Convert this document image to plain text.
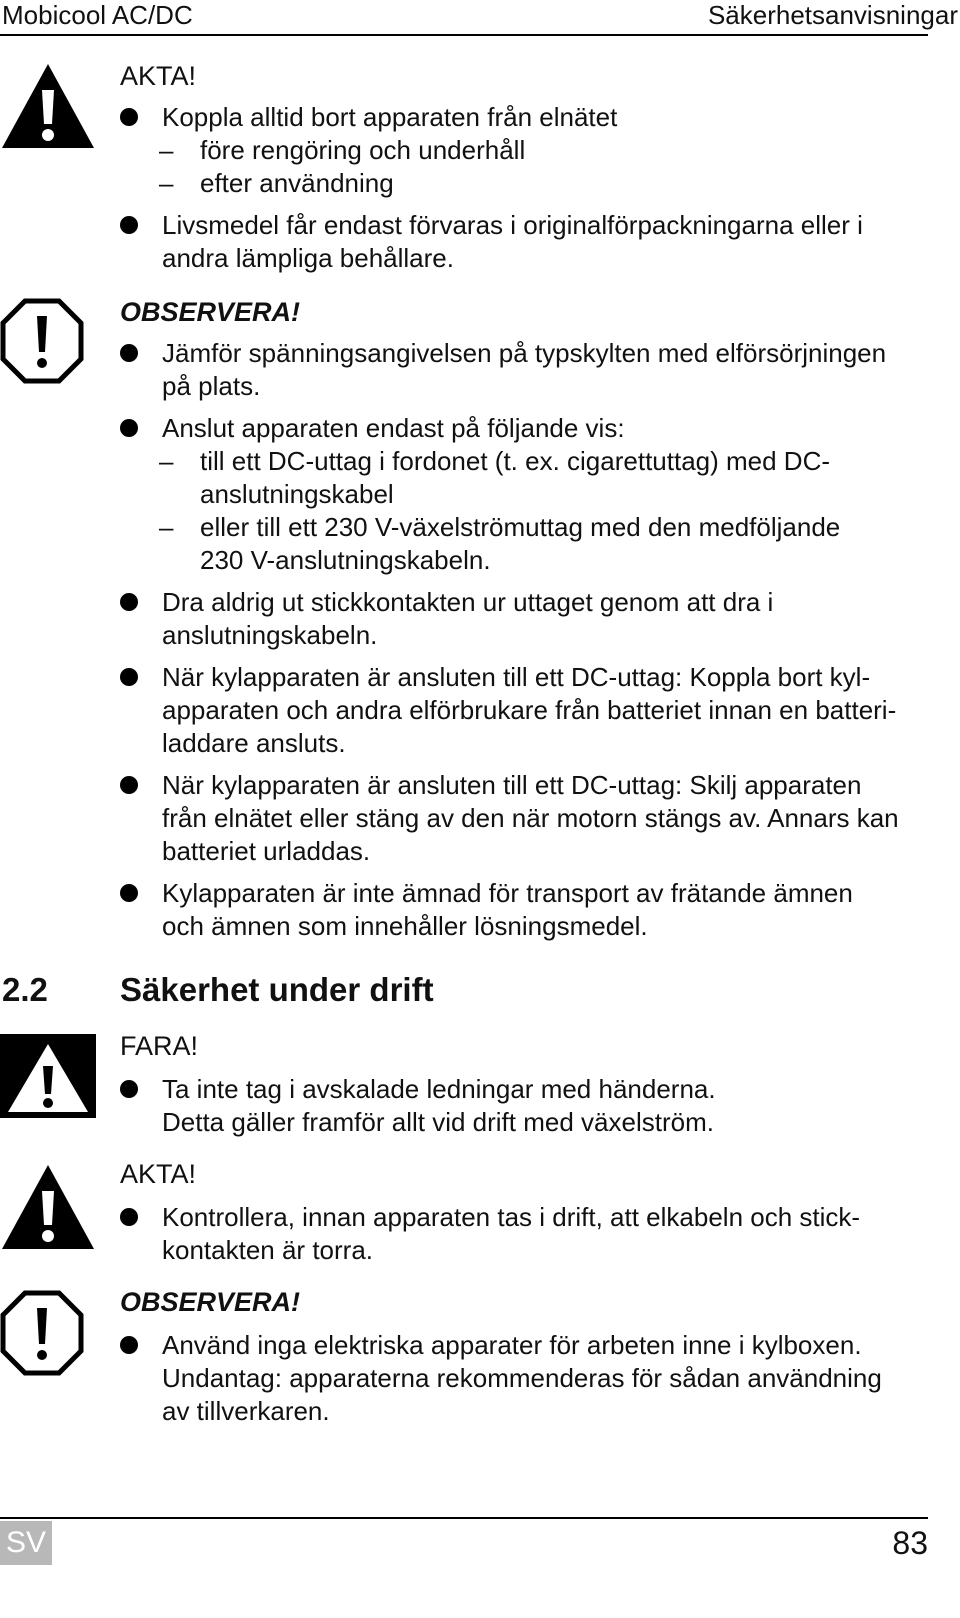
Mobicool AC/DC	Säkerhetsanvisningar
AKTA!
Koppla alltid bort apparaten från elnätet
– före rengöring och underhåll
– efter användning
Livsmedel får endast förvaras i originalförpackningarna eller i
andra lämpliga behållare.
OBSERVERA!
Jämför spänningsangivelsen på typskylten med elförsörjningen
på plats.
Anslut apparaten endast på följande vis:
– till ett DC-uttag i fordonet (t. ex. cigarettuttag) med DC-
anslutningskabel
– eller till ett 230 V-växelströmuttag med den medföljande
230 V-anslutningskabeln.
Dra aldrig ut stickkontakten ur uttaget genom att dra i
anslutningskabeln.
När kylapparaten är ansluten till ett DC-uttag: Koppla bort kyl-
apparaten och andra elförbrukare från batteriet innan en batteri-
laddare ansluts.
När kylapparaten är ansluten till ett DC-uttag: Skilj apparaten
från elnätet eller stäng av den när motorn stängs av. Annars kan
batteriet urladdas.
Kylapparaten är inte ämnad för transport av frätande ämnen
och ämnen som innehåller lösningsmedel.
2.2 Säkerhet under drift
FARA!
Ta inte tag i avskalade ledningar med händerna.
Detta gäller framför allt vid drift med växelström.
AKTA!
Kontrollera, innan apparaten tas i drift, att elkabeln och stick-
kontakten är torra.
OBSERVERA!
Använd inga elektriska apparater för arbeten inne i kylboxen.
Undantag: apparaterna rekommenderas för sådan användning
av tillverkaren.
SV	83
